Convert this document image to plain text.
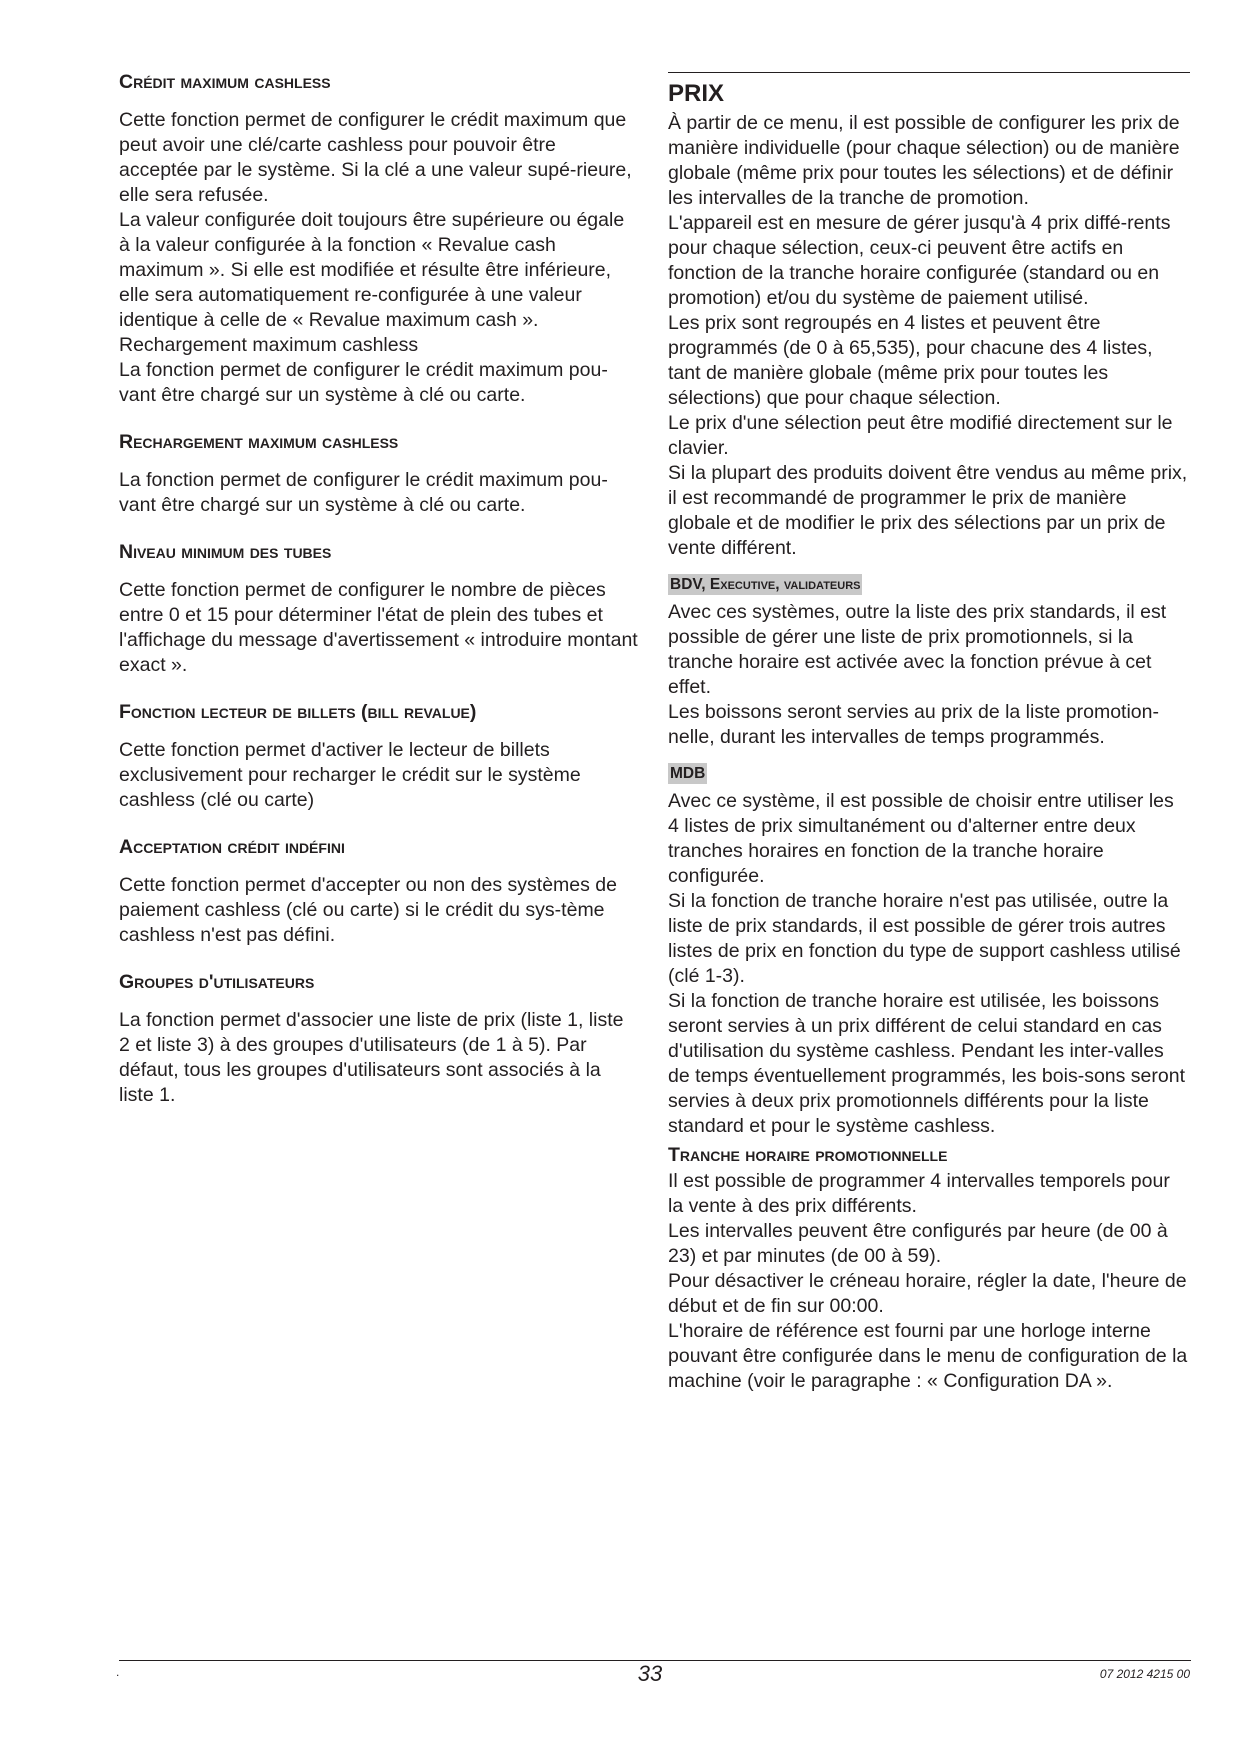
Crédit maximum cashless

Cette fonction permet de configurer le crédit maximum que peut avoir une clé/carte cashless pour pouvoir être acceptée par le système. Si la clé a une valeur supé-rieure, elle sera refusée.

La valeur configurée doit toujours être supérieure ou égale à la valeur configurée à la fonction « Revalue cash maximum ». Si elle est modifiée et résulte être inférieure, elle sera automatiquement re-configurée à une valeur identique à celle de « Revalue maximum cash ».

Rechargement maximum cashless

La fonction permet de configurer le crédit maximum pou-vant être chargé sur un système à clé ou carte.

Rechargement maximum cashless

La fonction permet de configurer le crédit maximum pou-vant être chargé sur un système à clé ou carte.

Niveau minimum des tubes

Cette fonction permet de configurer le nombre de pièces entre 0 et 15 pour déterminer l'état de plein des tubes et l'affichage du message d'avertissement « introduire montant exact ».

Fonction lecteur de billets (bill revalue)

Cette fonction permet d'activer le lecteur de billets exclusivement pour recharger le crédit sur le système cashless (clé ou carte)

Acceptation crédit indéfini

Cette fonction permet d'accepter ou non des systèmes de paiement cashless (clé ou carte) si le crédit du sys-tème cashless n'est pas défini.

Groupes d'utilisateurs

La fonction permet d'associer une liste de prix (liste 1, liste 2 et liste 3) à des groupes d'utilisateurs (de 1 à 5). Par défaut, tous les groupes d'utilisateurs sont associés à la liste 1.

PRIX

À partir de ce menu, il est possible de configurer les prix de manière individuelle (pour chaque sélection) ou de manière globale (même prix pour toutes les sélections) et de définir les intervalles de la tranche de promotion.

L'appareil est en mesure de gérer jusqu'à 4 prix diffé-rents pour chaque sélection, ceux-ci peuvent être actifs en fonction de la tranche horaire configurée (standard ou en promotion) et/ou du système de paiement utilisé.

Les prix sont regroupés en 4 listes et peuvent être programmés (de 0 à 65,535), pour chacune des 4 listes, tant de manière globale (même prix pour toutes les sélections) que pour chaque sélection.

Le prix d'une sélection peut être modifié directement sur le clavier.

Si la plupart des produits doivent être vendus au même prix, il est recommandé de programmer le prix de manière globale et de modifier le prix des sélections par un prix de vente différent.

BDV, Executive, validateurs

Avec ces systèmes, outre la liste des prix standards, il est possible de gérer une liste de prix promotionnels, si la tranche horaire est activée avec la fonction prévue à cet effet.

Les boissons seront servies au prix de la liste promotion-nelle, durant les intervalles de temps programmés.

MDB

Avec ce système, il est possible de choisir entre utiliser les 4 listes de prix simultanément ou d'alterner entre deux tranches horaires en fonction de la tranche horaire configurée.

Si la fonction de tranche horaire n'est pas utilisée, outre la liste de prix standards, il est possible de gérer trois autres listes de prix en fonction du type de support cashless utilisé (clé 1-3).

Si la fonction de tranche horaire est utilisée, les boissons seront servies à un prix différent de celui standard en cas d'utilisation du système cashless. Pendant les inter-valles de temps éventuellement programmés, les bois-sons seront servies à deux prix promotionnels différents pour la liste standard et pour le système cashless.

Tranche horaire promotionnelle

Il est possible de programmer 4 intervalles temporels pour la vente à des prix différents.

Les intervalles peuvent être configurés par heure (de 00 à 23) et par minutes (de 00 à 59).

Pour désactiver le créneau horaire, régler la date, l'heure de début et de fin sur 00:00.

L'horaire de référence est fourni par une horloge interne pouvant être configurée dans le menu de configuration de la machine (voir le paragraphe : « Configuration DA ».

.	33	07 2012 4215 00
